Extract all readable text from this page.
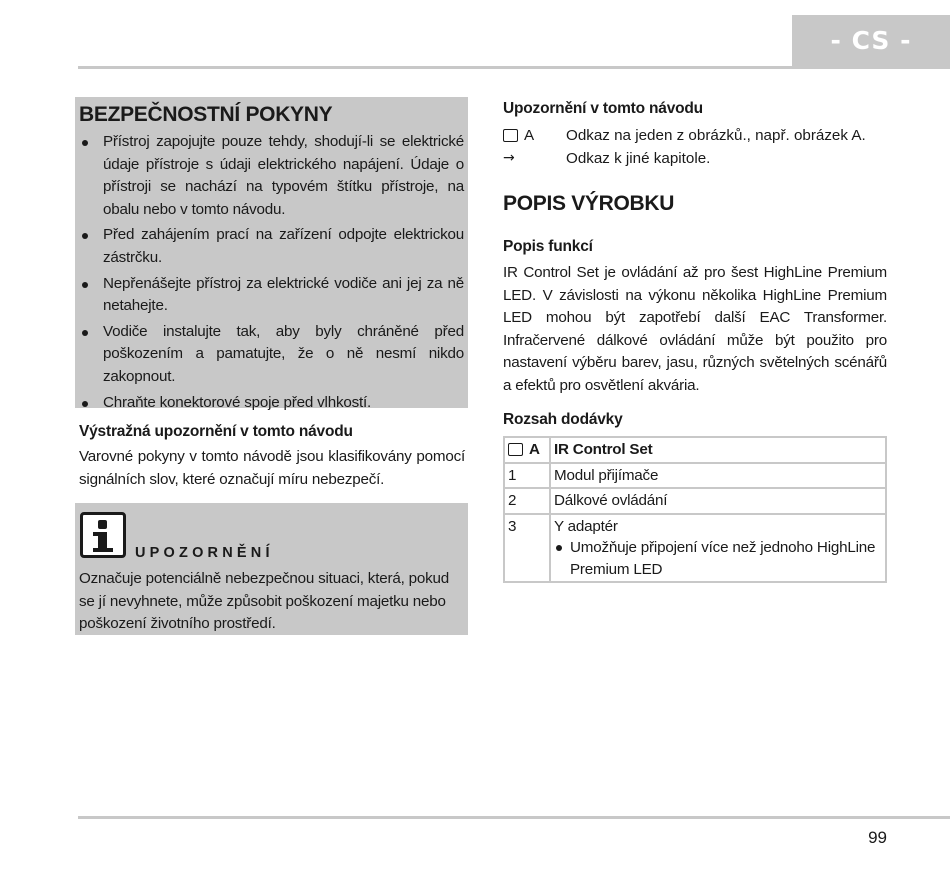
- CS -
BEZPEČNOSTNÍ POKYNY
Přístroj zapojujte pouze tehdy, shodují-li se elektrické údaje přístroje s údaji elektrického napájení. Údaje o přístroji se nachází na typovém štítku přístroje, na obalu nebo v tomto návodu.
Před zahájením prací na zařízení odpojte elektrickou zástrčku.
Nepřenášejte přístroj za elektrické vodiče ani jej za ně netahejte.
Vodiče instalujte tak, aby byly chráněné před poškozením a pamatujte, že o ně nesmí nikdo zakopnout.
Chraňte konektorové spoje před vlhkostí.

Výstražná upozornění v tomto návodu

Varovné pokyny v tomto návodě jsou klasifikovány pomocí signálních slov, které označují míru nebezpečí.

UPOZORNĚNÍ
Označuje potenciálně nebezpečnou situaci, která, pokud se jí nevyhnete, může způsobit poškození majetku nebo poškození životního prostředí.

Upozornění v tomto návodu

A Odkaz na jeden z obrázků., např. obrázek A.
→	Odkaz k jiné kapitole.
POPIS VÝROBKU

Popis funkcí

IR Control Set je ovládání až pro šest HighLine Premium LED. V závislosti na výkonu několika HighLine Premium LED mohou být zapotřebí další EAC Transformer. Infračervené dálkové ovládání může být použito pro nastavení výběru barev, jasu, různých světelných scénářů a efektů pro osvětlení akvária.

Rozsah dodávky

A	IR Control Set
1	Modul přijímače
2	Dálkové ovládání
3	Y adaptér
Umožňuje připojení více než jednoho HighLine Premium LED
99
